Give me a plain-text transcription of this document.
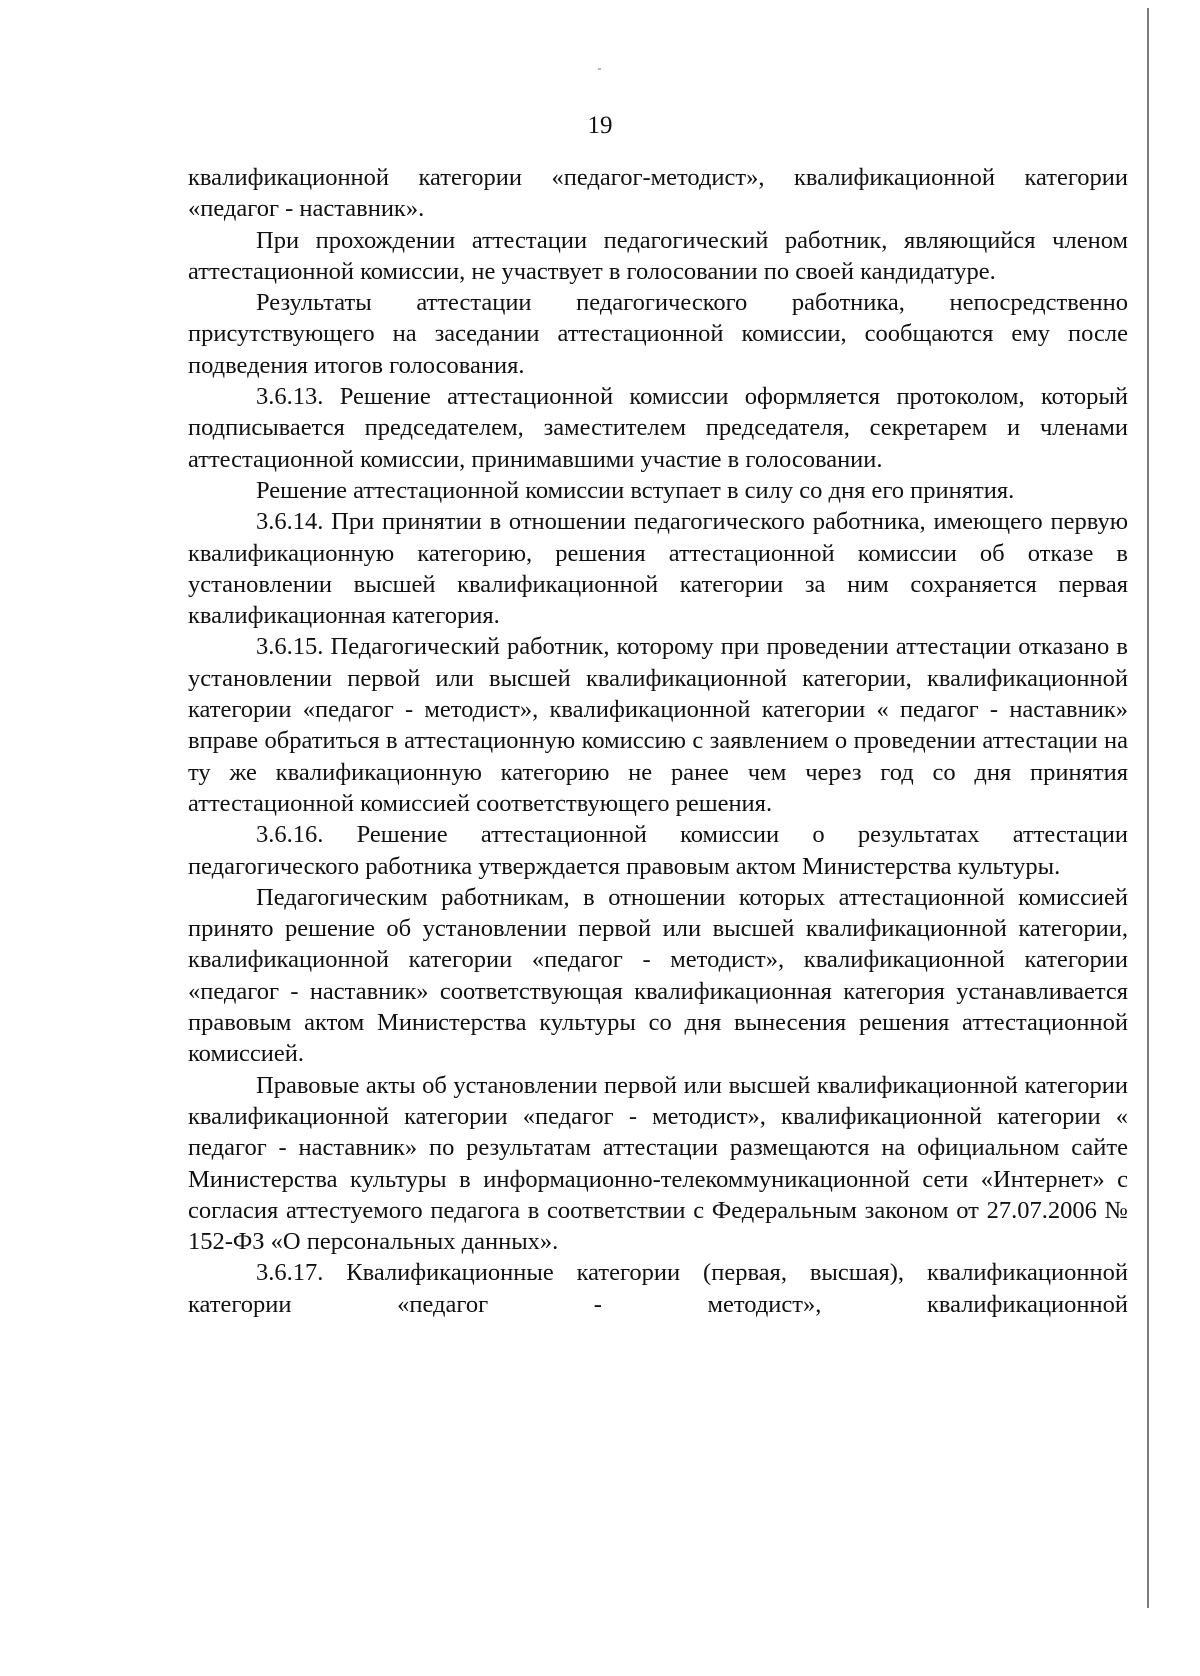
19

квалификационной категории «педагог-методист», квалификационной категории «педагог - наставник».

При прохождении аттестации педагогический работник, являющийся членом аттестационной комиссии, не участвует в голосовании по своей кандидатуре.

Результаты аттестации педагогического работника, непосредственно присутствующего на заседании аттестационной комиссии, сообщаются ему после подведения итогов голосования.

3.6.13. Решение аттестационной комиссии оформляется протоколом, который подписывается председателем, заместителем председателя, секретарем и членами аттестационной комиссии, принимавшими участие в голосовании.

Решение аттестационной комиссии вступает в силу со дня его принятия.

3.6.14. При принятии в отношении педагогического работника, имеющего первую квалификационную категорию, решения аттестационной комиссии об отказе в установлении высшей квалификационной категории за ним сохраняется первая квалификационная категория.

3.6.15. Педагогический работник, которому при проведении аттестации отказано в установлении первой или высшей квалификационной категории, квалификационной категории «педагог - методист», квалификационной категории « педагог - наставник» вправе обратиться в аттестационную комиссию с заявлением о проведении аттестации на ту же квалификационную категорию не ранее чем через год со дня принятия аттестационной комиссией соответствующего решения.

3.6.16. Решение аттестационной комиссии о результатах аттестации педагогического работника утверждается правовым актом Министерства культуры.

Педагогическим работникам, в отношении которых аттестационной комиссией принято решение об установлении первой или высшей квалификационной категории, квалификационной категории «педагог - методист», квалификационной категории «педагог - наставник» соответствующая квалификационная категория устанавливается правовым актом Министерства культуры со дня вынесения решения аттестационной комиссией.

Правовые акты об установлении первой или высшей квалификационной категории квалификационной категории «педагог - методист», квалификационной категории « педагог - наставник» по результатам аттестации размещаются на официальном сайте Министерства культуры в информационно-телекоммуникационной сети «Интернет» с согласия аттестуемого педагога в соответствии с Федеральным законом от 27.07.2006 № 152-ФЗ «О персональных данных».

3.6.17. Квалификационные категории (первая, высшая), квалификационной категории «педагог - методист», квалификационной
